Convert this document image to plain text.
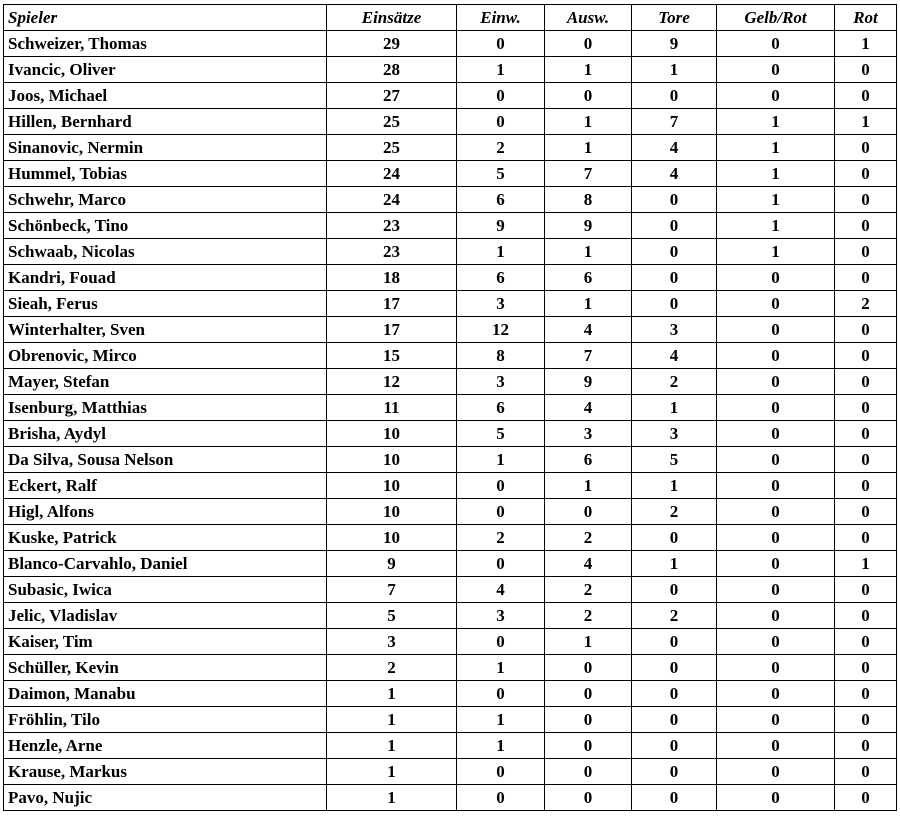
Spieler	Einsätze	Einw.	Ausw.	Tore	Gelb/Rot	Rot
Schweizer, Thomas	29	0	0	9	0	1
Ivancic, Oliver	28	1	1	1	0	0
Joos, Michael	27	0	0	0	0	0
Hillen, Bernhard	25	0	1	7	1	1
Sinanovic, Nermin	25	2	1	4	1	0
Hummel, Tobias	24	5	7	4	1	0
Schwehr, Marco	24	6	8	0	1	0
Schönbeck, Tino	23	9	9	0	1	0
Schwaab, Nicolas	23	1	1	0	1	0
Kandri, Fouad	18	6	6	0	0	0
Sieah, Ferus	17	3	1	0	0	2
Winterhalter, Sven	17	12	4	3	0	0
Obrenovic, Mirco	15	8	7	4	0	0
Mayer, Stefan	12	3	9	2	0	0
Isenburg, Matthias	11	6	4	1	0	0
Brisha, Aydyl	10	5	3	3	0	0
Da Silva, Sousa Nelson	10	1	6	5	0	0
Eckert, Ralf	10	0	1	1	0	0
Higl, Alfons	10	0	0	2	0	0
Kuske, Patrick	10	2	2	0	0	0
Blanco-Carvahlo, Daniel	9	0	4	1	0	1
Subasic, Iwica	7	4	2	0	0	0
Jelic, Vladislav	5	3	2	2	0	0
Kaiser, Tim	3	0	1	0	0	0
Schüller, Kevin	2	1	0	0	0	0
Daimon, Manabu	1	0	0	0	0	0
Fröhlin, Tilo	1	1	0	0	0	0
Henzle, Arne	1	1	0	0	0	0
Krause, Markus	1	0	0	0	0	0
Pavo, Nujic	1	0	0	0	0	0
